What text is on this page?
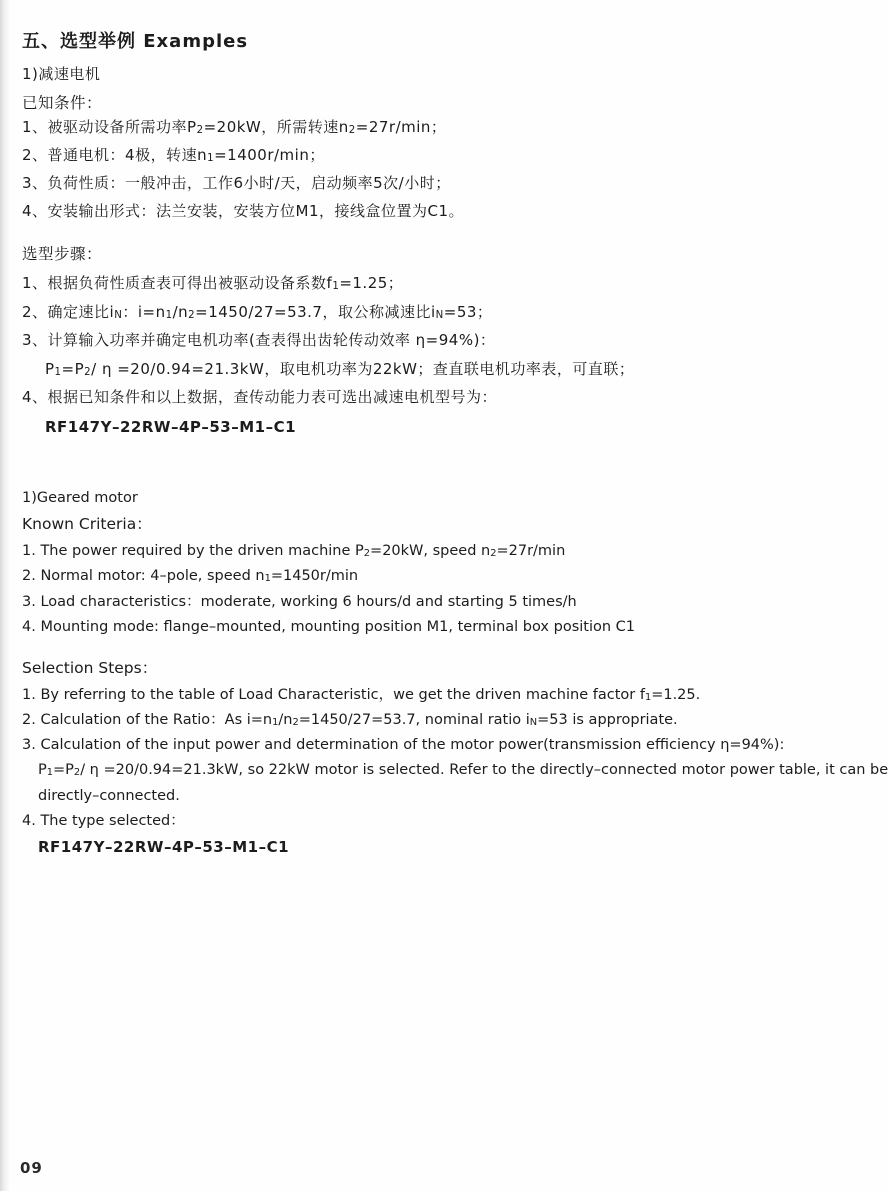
五、选型举例 Examples
1)减速电机
已知条件：
1、被驱动设备所需功率$P_2=20kW$，所需转速$n_2=27r/\min$；
2、普通电机：4极，转速$n_1=1400r/\min$；
3、负荷性质：一般冲击，工作6小时/天，启动频率5次/小时；
4、安装输出形式：法兰安装，安装方位M1，接线盒位置为C1。
选型步骤：
1、根据负荷性质查表可得出被驱动设备系数$f_1=1.25$；
2、确定速比$i_N$：$i=n_1/n_2=1450/27=53.7$，取公称减速比$i_N=53$；
3、计算输入功率并确定电机功率(查表得出齿轮传动效率 η=94%)：
$P_1=P_2/$ η =20/0.94=21.3kW，取电机功率为22kW；查直联电机功率表，可直联；
4、根据已知条件和以上数据，查传动能力表可选出减速电机型号为：
RF147Y–22RW–4P–53–M1–C1
1)Geared motor
Known Criteria：
1. The power required by the driven machine $P_2=20kW$, speed $n_2=27r/\min$
2. Normal motor: 4–pole, speed $n_1=1450r/\min$
3. Load characteristics：moderate, working 6 hours/d and starting 5 times/h
4. Mounting mode: flange–mounted, mounting position M1, terminal box position C1
Selection Steps：
1. By referring to the table of Load Characteristic，we get the driven machine factor $f_1=1.25$.
2. Calculation of the Ratio：As $i=n_1/n_2=1450/27=53.7$, nominal ratio $i_N=53$ is appropriate.
3. Calculation of the input power and determination of the motor power(transmission efficiency η=94%):
$P_1=P_2/$ η =20/0.94=21.3kW, so 22kW motor is selected. Refer to the directly–connected motor power table, it can be
directly–connected.
4. The type selected：
RF147Y–22RW–4P–53–M1–C1
09
